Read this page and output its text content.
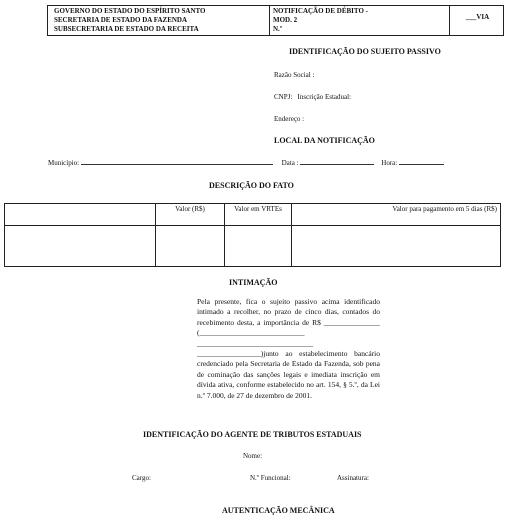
GOVERNO DO ESTADO DO ESPÍRITO SANTO
SECRETARIA DE ESTADO DA FAZENDA
SUBSECRETARIA DE ESTADO DA RECEITA
NOTIFICAÇÃO DE DÉBITO -
MOD. 2
N.º
___VIA
IDENTIFICAÇÃO DO SUJEITO PASSIVO
Razão Social :
CNPJ: Inscrição Estadual:
Endereço :
LOCAL DA NOTIFICAÇÃO
Município:	Data :	Hora:
DESCRIÇÃO DO FATO
	Valor (R$)	Valor em VRTEs	Valor para pagamento em 5 dias (R$)

INTIMAÇÃO
Pela presente, fica o sujeito passivo acima identificado intimado a recolher, no prazo de cinco dias, contados do recebimento desta, a importância de R$ _______________ (____________________________ _______________________________ _________________)junto ao estabelecimento bancário credenciado pela Secretaria de Estado da Fazenda, sob pena de cominação das sanções legais e imediata inscrição em dívida ativa, conforme estabelecido no art. 154, § 5.º, da Lei n.º 7.000, de 27 de dezembro de 2001.
IDENTIFICAÇÃO DO AGENTE DE TRIBUTOS ESTADUAIS
Nome:
Cargo:	N.º Funcional:	Assinatura:
AUTENTICAÇÃO MECÂNICA
